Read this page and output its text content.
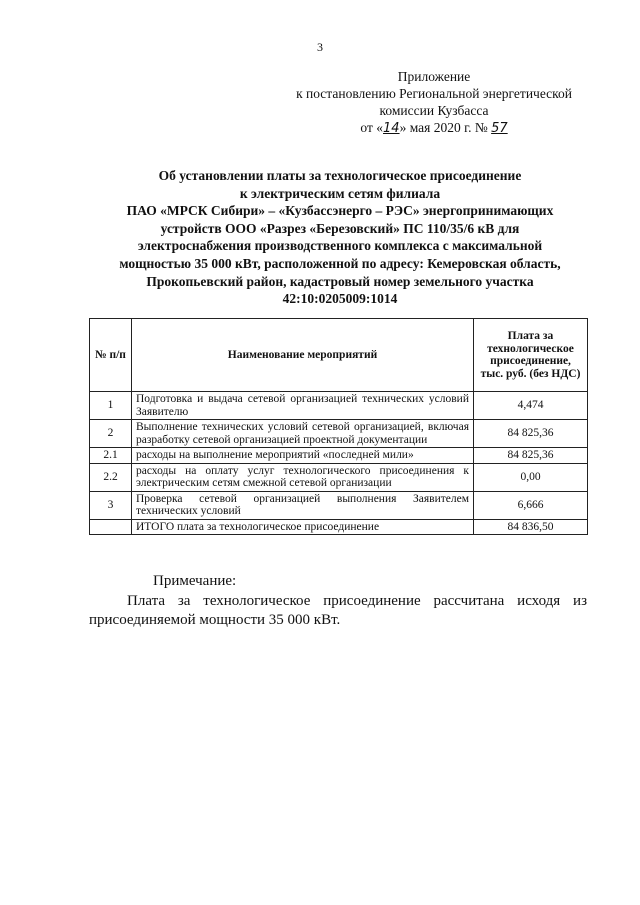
3
Приложение
к постановлению Региональной энергетической
комиссии Кузбасса
от «14» мая 2020 г. № 57
Об установлении платы за технологическое присоединение
к электрическим сетям филиала
ПАО «МРСК Сибири» – «Кузбассэнерго – РЭС» энергопринимающих
устройств ООО «Разрез «Березовский» ПС 110/35/6 кВ для
электроснабжения производственного комплекса с максимальной
мощностью 35 000 кВт, расположенной по адресу: Кемеровская область,
Прокопьевский район, кадастровый номер земельного участка
42:10:0205009:1014
№ п/п	Наименование мероприятий	Плата за технологическое присоединение, тыс. руб. (без НДС)
1	Подготовка и выдача сетевой организацией технических условий Заявителю	4,474
2	Выполнение технических условий сетевой организацией, включая разработку сетевой организацией проектной документации	84 825,36
2.1	расходы на выполнение мероприятий «последней мили»	84 825,36
2.2	расходы на оплату услуг технологического присоединения к электрическим сетям смежной сетевой организации	0,00
3	Проверка сетевой организацией выполнения Заявителем технических условий	6,666
	ИТОГО плата за технологическое присоединение	84 836,50
Примечание:
Плата за технологическое присоединение рассчитана исходя из присоединяемой мощности 35 000 кВт.
